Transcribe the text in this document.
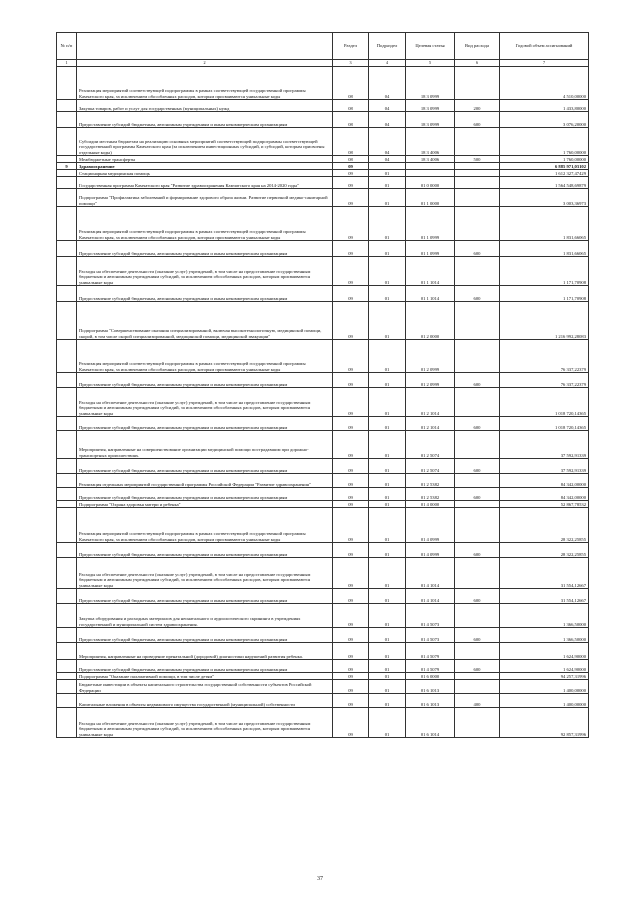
№ п/п		Раздел	Подраздел	Целевая статья	Вид расхода	Годовой объем ассигнований
1	2	3	4	5	6	7
	Реализация мероприятий соответствующей подпрограммы в рамках соответствующей государственной программы Камчатского края, за исключением обособленных расходов, которым присваиваются уникальные коды	08	04	18 3 0999		4 510,00000
	Закупка товаров, работ и услуг для государственных (муниципальных) нужд	08	04	18 3 0999	200	1 433,80000
	Предоставление субсидий бюджетным, автономным учреждениям и иным некоммерческим организациям	08	04	18 3 0999	600	3 076,20000
	Субсидии местным бюджетам на реализацию основных мероприятий соответствующей подпрограммы соответствующей государственной программы Камчатского края (за исключением инвестиционных субсидий, и субсидий, которым присвоены отдельные коды)	08	04	18 3 4006		1 760,00000
	Межбюджетные трансферты	08	04	18 3 4006	500	1 760,00000
9	Здравоохранение	09				6 885 971,03102
	Стационарная медицинская помощь	09	01			1 612 327,47429
	Государственная программа Камчатского края "Развитие здравоохранения Камчатского края на 2014-2020 годы"	09	01	01 0 0000		1 564 548,69879
	Подпрограмма "Профилактика заболеваний и формирование здорового образа жизни. Развитие первичной медико-санитарной помощи"	09	01	01 1 0000		3 003,36973
	Реализация мероприятий соответствующей подпрограммы в рамках соответствующей государственной программы Камчатского края, за исключением обособленных расходов, которым присваиваются уникальные коды	09	01	01 1 0999		1 831,66065
	Предоставление субсидий бюджетным, автономным учреждениям и иным некоммерческим организациям	09	01	01 1 0999	600	1 831,66065
	Расходы на обеспечение деятельности (оказание услуг) учреждений, в том числе на предоставление государственным бюджетным и автономным учреждениям субсидий, за исключением обособленных расходов, которым присваиваются уникальные коды	09	01	01 1 1014		1 171,70908
	Предоставление субсидий бюджетным, автономным учреждениям и иным некоммерческим организациям	09	01	01 1 1014	600	1 171,70908
	Подпрограмма "Совершенствование оказания специализированной, включая высокотехнологичную, медицинской помощи, скорой, в том числе скорой специализированной, медицинской помощи, медицинской эвакуации"	09	01	01 2 0000		1 216 992,28083
	Реализация мероприятий соответствующей подпрограммы в рамках соответствующей государственной программы Камчатского края, за исключением обособленных расходов, которым присваиваются уникальные коды	09	01	01 2 0999		76 337,22379
	Предоставление субсидий бюджетным, автономным учреждениям и иным некоммерческим организациям	09	01	01 2 0999	600	76 337,22379
	Расходы на обеспечение деятельности (оказание услуг) учреждений, в том числе на предоставление государственным бюджетным и автономным учреждениям субсидий, за исключением обособленных расходов, которым присваиваются уникальные коды	09	01	01 2 1014		1 018 720,14365
	Предоставление субсидий бюджетным, автономным учреждениям и иным некоммерческим организациям	09	01	01 2 1014	600	1 018 720,14365
	Мероприятия, направленные на совершенствование организации медицинской помощи пострадавшим при дорожно-транспортных происшествиях.	09	01	01 2 5074		37 592,91339
	Предоставление субсидий бюджетным, автономным учреждениям и иным некоммерческим организациям	09	01	01 2 5074	600	37 592,91339
	Реализация отдельных мероприятий государственной программы Российской Федерации "Развитие здравоохранения"	09	01	01 2 5382		84 342,00000
	Предоставление субсидий бюджетным, автономным учреждениям и иным некоммерческим организациям	09	01	01 2 5382	600	84 342,00000
	Подпрограмма "Охрана здоровья матери и ребенка"	09	01	01 4 0000		52 867,78532
	Реализация мероприятий соответствующей подпрограммы в рамках соответствующей государственной программы Камчатского края, за исключением обособленных расходов, которым присваиваются уникальные коды	09	01	01 4 0999		28 322,25855
	Предоставление субсидий бюджетным, автономным учреждениям и иным некоммерческим организациям	09	01	01 4 0999	600	28 322,25855
	Расходы на обеспечение деятельности (оказание услуг) учреждений, в том числе на предоставление государственным бюджетным и автономным учреждениям субсидий, за исключением обособленных расходов, которым присваиваются уникальные коды	09	01	01 4 1014		31 554,12667
	Предоставление субсидий бюджетным, автономным учреждениям и иным некоммерческим организациям	09	01	01 4 1014	600	31 554,12667
	Закупка оборудования и расходных материалов для неонатального и аудиологического скрининга в учреждениях государственной и муниципальной систем здравоохранения.	09	01	01 4 5073		1 366,50000
	Предоставление субсидий бюджетным, автономным учреждениям и иным некоммерческим организациям	09	01	01 4 5073	600	1 366,50000
	Мероприятия, направленные на проведение пренатальной (дородовой) диагностики нарушений развития ребенка.	09	01	01 4 5079		1 624,90000
	Предоставление субсидий бюджетным, автономным учреждениям и иным некоммерческим организациям	09	01	01 4 5079	600	1 624,90000
	Подпрограмма "Оказание паллиативной помощи, в том числе детям"	09	01	01 6 0000		94 257,31996
	Бюджетные инвестиции в объекты капитального строительства государственной собственности субъектов Российской Федерации	09	01	01 6 1013		1 400,00000
	Капитальные вложения в объекты недвижимого имущества государственной (муниципальной) собственности	09	01	01 6 1013	400	1 400,00000
	Расходы на обеспечение деятельности (оказание услуг) учреждений, в том числе на предоставление государственным бюджетным и автономным учреждениям субсидий, за исключением обособленных расходов, которым присваиваются уникальные коды	09	01	01 6 1014		92 857,31996
37
